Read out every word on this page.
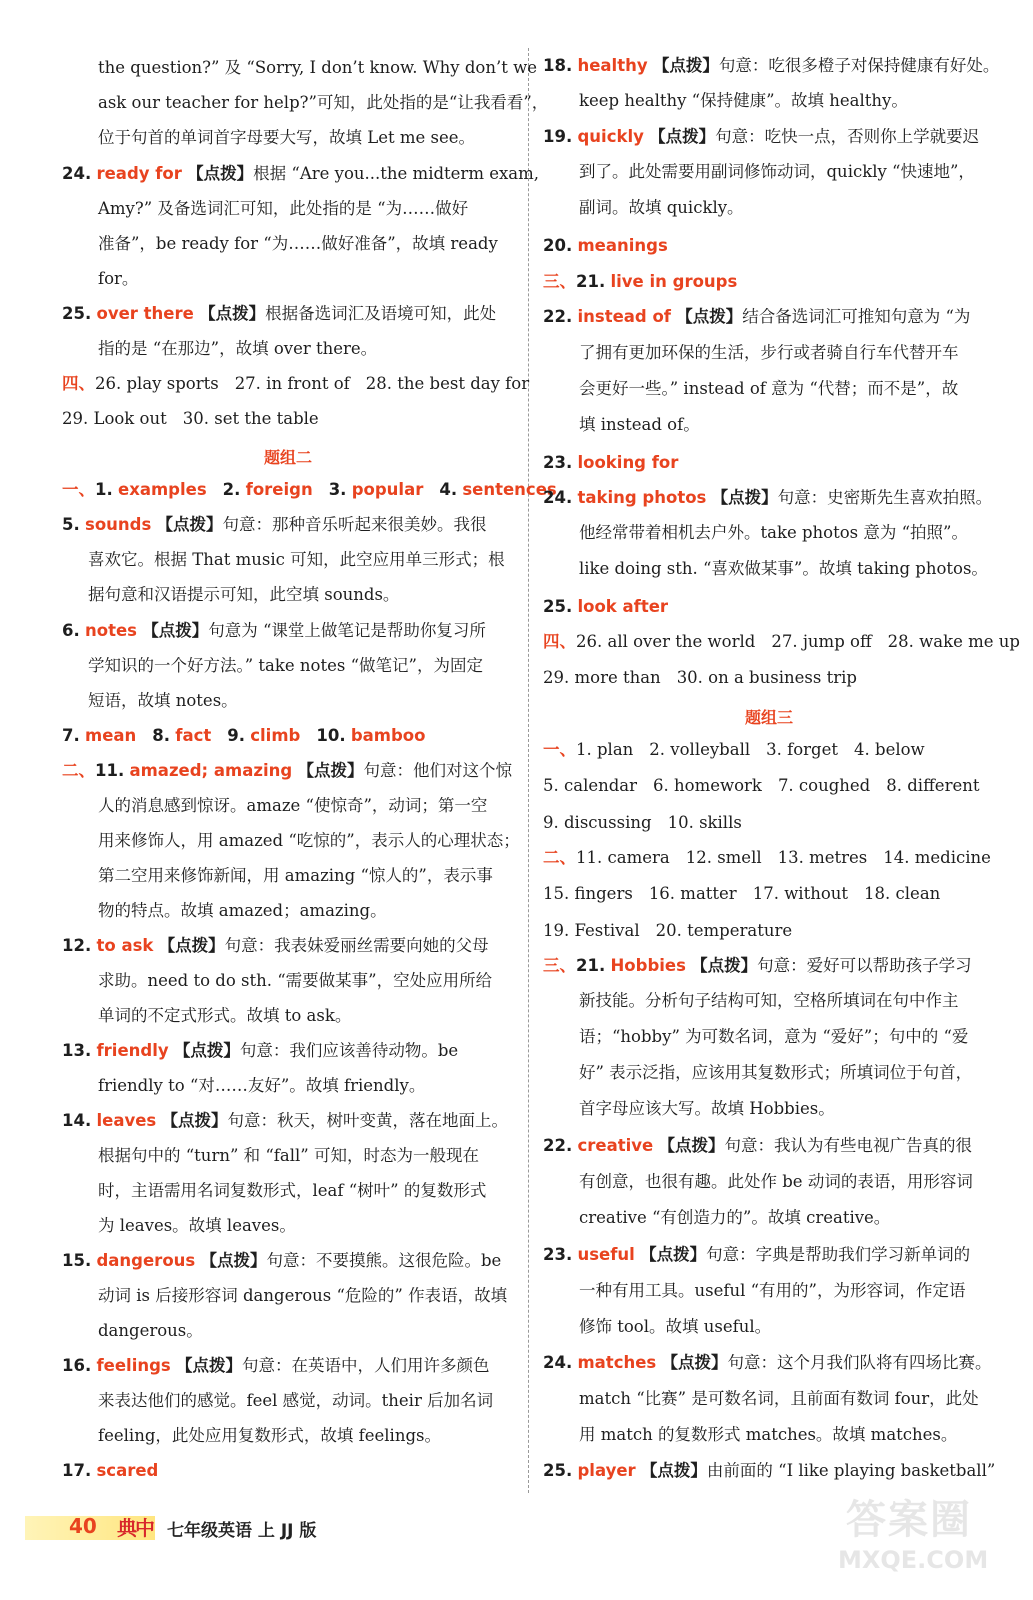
the question?” 及 “Sorry, I don’t know. Why don’t we
ask our teacher for help?”可知，此处指的是“让我看看”，
位于句首的单词首字母要大写，故填 Let me see。
24. ready for 【点拨】根据 “Are you...the midterm exam,
Amy?” 及备选词汇可知，此处指的是 “为……做好
准备”，be ready for “为……做好准备”，故填 ready
for。
25. over there 【点拨】根据备选词汇及语境可知，此处
指的是 “在那边”，故填 over there。
四、26. play sports 27. in front of 28. the best day for
29. Look out 30. set the table
题组二
一、1. examples 2. foreign 3. popular 4. sentences
5. sounds 【点拨】句意：那种音乐听起来很美妙。我很
喜欢它。根据 That music 可知，此空应用单三形式；根
据句意和汉语提示可知，此空填 sounds。
6. notes 【点拨】句意为 “课堂上做笔记是帮助你复习所
学知识的一个好方法。” take notes “做笔记”，为固定
短语，故填 notes。
7. mean 8. fact 9. climb 10. bamboo
二、11. amazed; amazing 【点拨】句意：他们对这个惊
人的消息感到惊讶。amaze “使惊奇”，动词；第一空
用来修饰人，用 amazed “吃惊的”，表示人的心理状态；
第二空用来修饰新闻，用 amazing “惊人的”，表示事
物的特点。故填 amazed；amazing。
12. to ask 【点拨】句意：我表妹爱丽丝需要向她的父母
求助。need to do sth. “需要做某事”，空处应用所给
单词的不定式形式。故填 to ask。
13. friendly 【点拨】句意：我们应该善待动物。be
friendly to “对……友好”。故填 friendly。
14. leaves 【点拨】句意：秋天，树叶变黄，落在地面上。
根据句中的 “turn” 和 “fall” 可知，时态为一般现在
时，主语需用名词复数形式，leaf “树叶” 的复数形式
为 leaves。故填 leaves。
15. dangerous 【点拨】句意：不要摸熊。这很危险。be
动词 is 后接形容词 dangerous “危险的” 作表语，故填
dangerous。
16. feelings 【点拨】句意：在英语中，人们用许多颜色
来表达他们的感觉。feel 感觉，动词。their 后加名词
feeling，此处应用复数形式，故填 feelings。
17. scared
18. healthy 【点拨】句意：吃很多橙子对保持健康有好处。
keep healthy “保持健康”。故填 healthy。
19. quickly 【点拨】句意：吃快一点，否则你上学就要迟
到了。此处需要用副词修饰动词，quickly “快速地”，
副词。故填 quickly。
20. meanings
三、21. live in groups
22. instead of 【点拨】结合备选词汇可推知句意为 “为
了拥有更加环保的生活，步行或者骑自行车代替开车
会更好一些。” instead of 意为 “代替；而不是”，故
填 instead of。
23. looking for
24. taking photos 【点拨】句意：史密斯先生喜欢拍照。
他经常带着相机去户外。take photos 意为 “拍照”。
like doing sth. “喜欢做某事”。故填 taking photos。
25. look after
四、26. all over the world 27. jump off 28. wake me up
29. more than 30. on a business trip
题组三
一、1. plan 2. volleyball 3. forget 4. below
5. calendar 6. homework 7. coughed 8. different
9. discussing 10. skills
二、11. camera 12. smell 13. metres 14. medicine
15. fingers 16. matter 17. without 18. clean
19. Festival 20. temperature
三、21. Hobbies 【点拨】句意：爱好可以帮助孩子学习
新技能。分析句子结构可知，空格所填词在句中作主
语；“hobby” 为可数名词，意为 “爱好”；句中的 “爱
好” 表示泛指，应该用其复数形式；所填词位于句首，
首字母应该大写。故填 Hobbies。
22. creative 【点拨】句意：我认为有些电视广告真的很
有创意，也很有趣。此处作 be 动词的表语，用形容词
creative “有创造力的”。故填 creative。
23. useful 【点拨】句意：字典是帮助我们学习新单词的
一种有用工具。useful “有用的”，为形容词，作定语
修饰 tool。故填 useful。
24. matches 【点拨】句意：这个月我们队将有四场比赛。
match “比赛” 是可数名词，且前面有数词 four，此处
用 match 的复数形式 matches。故填 matches。
25. player 【点拨】由前面的 “I like playing basketball”
40 典中 七年级英语 上 JJ 版	答案圈
MXQE.COM
